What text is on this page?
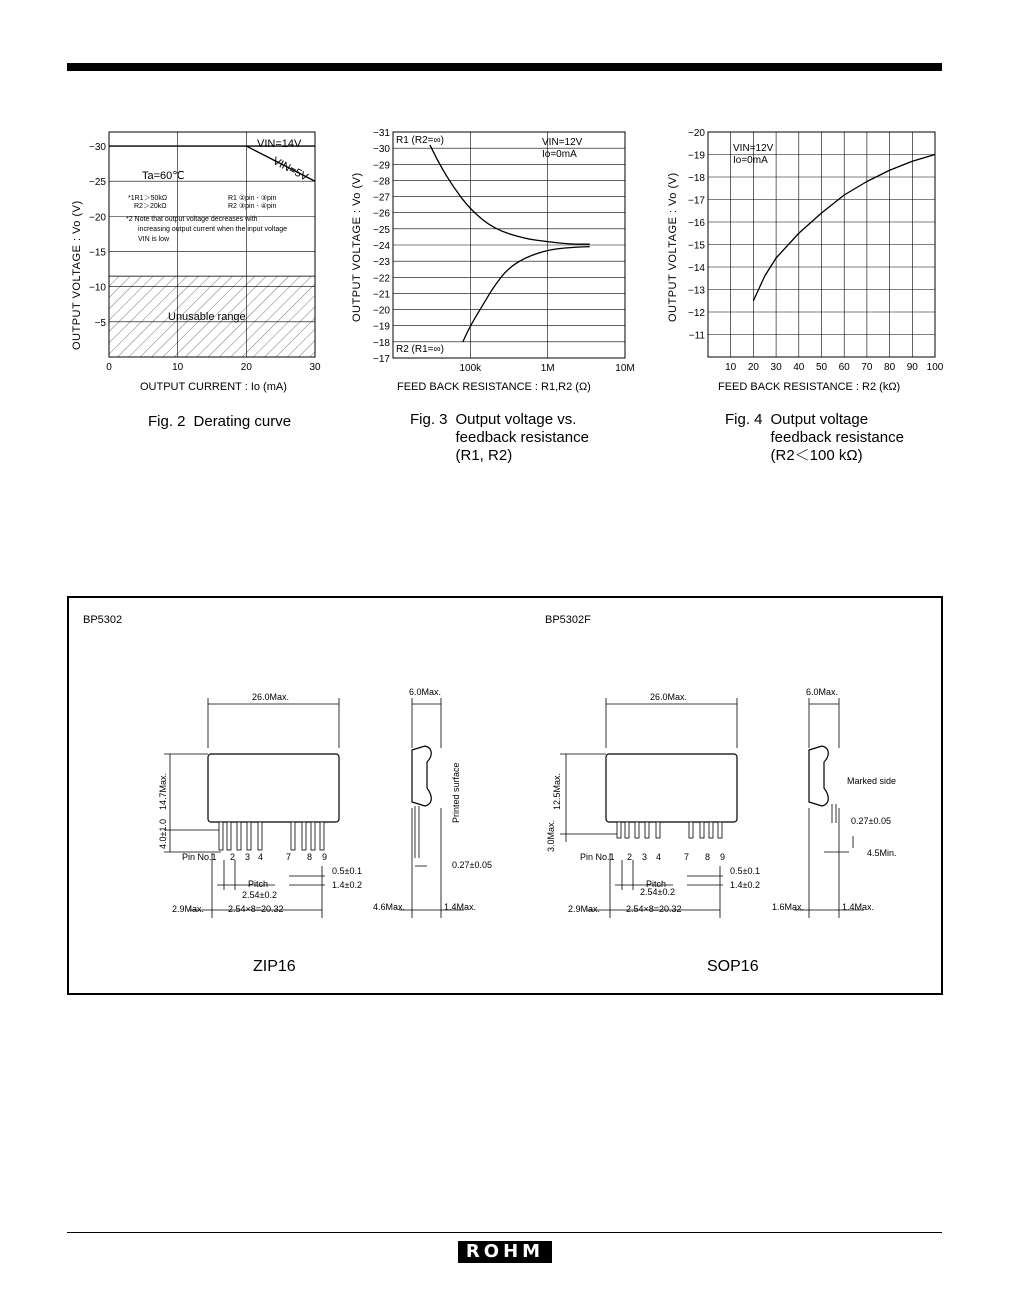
0	10	20	30
−5
−10
−15
−20
−25
−30
OUTPUT VOLTAGE : Vo (V)
OUTPUT CURRENT : Io (mA)
VIN=14V
VIN=5V
Ta=60℃
*1R1＞50kΩ
R2＞20kΩ
R1 ②pin - ③pin
R2 ③pin - ④pin
*2 Note that output voltage decreases with
increasing output current when the input voltage
VIN is low
Unusable range
Fig. 2 Derating curve
100k	1M	10M
−17
−18
−19
−20
−21
−22
−23
−24
−25
−26
−27
−28
−29
−30
−31
OUTPUT VOLTAGE : Vo (V)
FEED BACK RESISTANCE : R1,R2 (Ω)
VIN=12V
Io=0mA
R1 (R2=∞)
R2 (R1=∞)
Fig. 3 Output voltage vs.
feedback resistance
(R1, R2)
10 20 30 40 50 60 70 80 90 100
−11
−12
−13
−14
−15
−16
−17
−18
−19
−20
OUTPUT VOLTAGE : Vo (V)
FEED BACK RESISTANCE : R2 (kΩ)
VIN=12V
Io=0mA
Fig. 4 Output voltage
feedback resistance
(R2＜100 kΩ)
BP5302	BP5302F
26.0Max.
14.7Max.
4.0±1.0
Pin No.1 2 3 4	7 8 9
Pitch
2.54±0.2
0.5±0.1
1.4±0.2
2.9Max.	2.54×8=20.32
6.0Max.
Printed surface
0.27±0.05
4.6Max.	1.4Max.
26.0Max.
12.5Max.
3.0Max.
Pin No.1 2 3 4	7 8 9
Pitch
2.54±0.2
0.5±0.1
1.4±0.2
2.9Max.	2.54×8=20.32
6.0Max.
Marked side
0.27±0.05
4.5Min.
1.6Max.	1.4Max.
ZIP16	SOP16
ROHM
